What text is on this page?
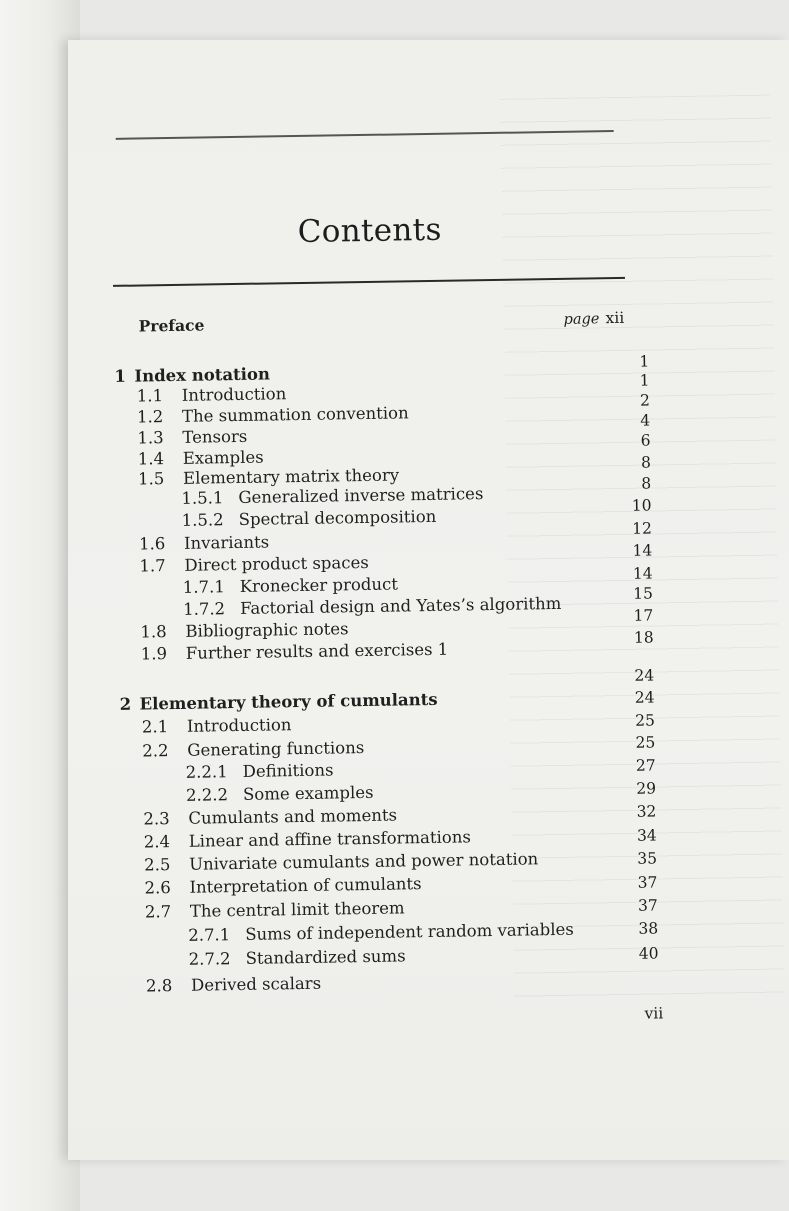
Contents
Preface	page xii
1 Index notation
1
1.1 Introduction
1
1.2 The summation convention
2
1.3 Tensors
4
1.4 Examples
6
1.5 Elementary matrix theory
8
1.5.1 Generalized inverse matrices
8
1.5.2 Spectral decomposition
10
1.6 Invariants
12
1.7 Direct product spaces
14
1.7.1 Kronecker product
14
1.7.2 Factorial design and Yates’s algorithm
15
1.8 Bibliographic notes
17
1.9 Further results and exercises 1
18
2 Elementary theory of cumulants
24
2.1 Introduction
24
2.2 Generating functions
25
2.2.1 Definitions
25
2.2.2 Some examples
27
2.3 Cumulants and moments
29
2.4 Linear and affine transformations
32
2.5 Univariate cumulants and power notation
34
2.6 Interpretation of cumulants
35
2.7 The central limit theorem
37
2.7.1 Sums of independent random variables
37
2.7.2 Standardized sums
38
2.8 Derived scalars
40
vii
